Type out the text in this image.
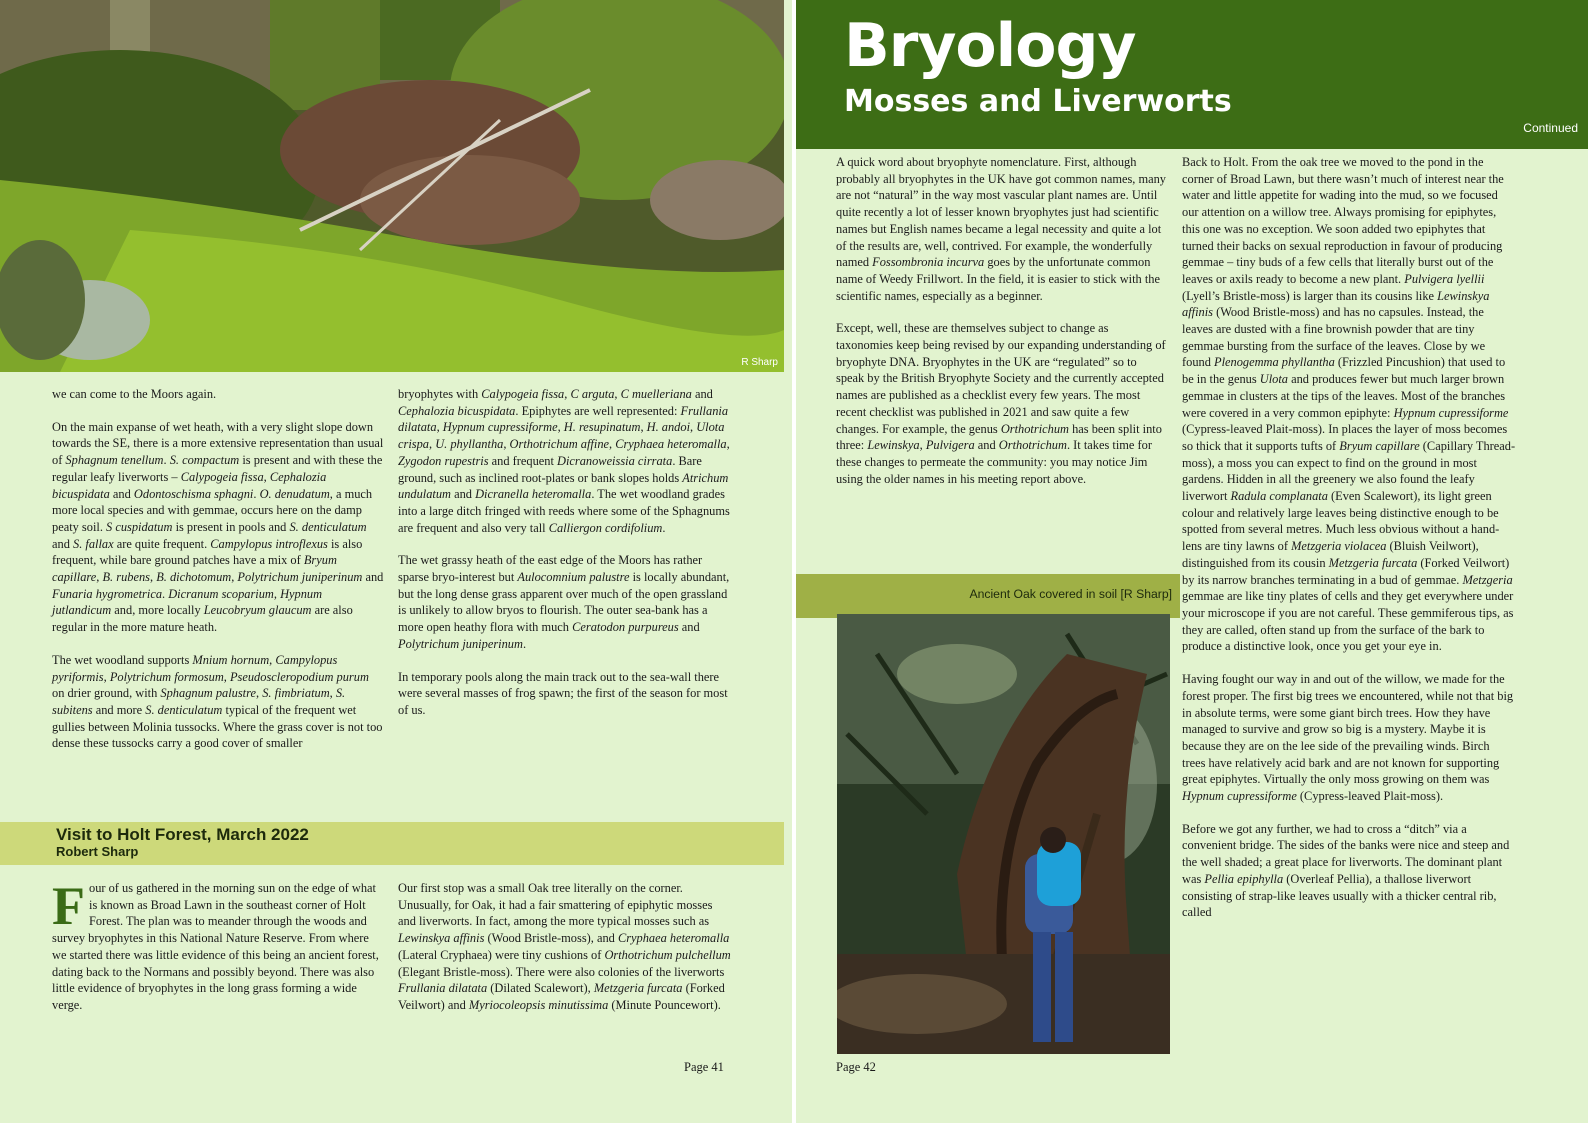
R Sharp

we can come to the Moors again.

On the main expanse of wet heath, with a very slight slope down towards the SE, there is a more extensive representation than usual of Sphagnum tenellum. S. compactum is present and with these the regular leafy liverworts – Calypogeia fissa, Cephalozia bicuspidata and Odontoschisma sphagni. O. denudatum, a much more local species and with gemmae, occurs here on the damp peaty soil. S cuspidatum is present in pools and S. denticulatum and S. fallax are quite frequent. Campylopus introflexus is also frequent, while bare ground patches have a mix of Bryum capillare, B. rubens, B. dichotomum, Polytrichum juniperinum and Funaria hygrometrica. Dicranum scoparium, Hypnum jutlandicum and, more locally Leucobryum glaucum are also regular in the more mature heath.

The wet woodland supports Mnium hornum, Campylopus pyriformis, Polytrichum formosum, Pseudoscleropodium purum on drier ground, with Sphagnum palustre, S. fimbriatum, S. subitens and more S. denticulatum typical of the frequent wet gullies between Molinia tussocks. Where the grass cover is not too dense these tussocks carry a good cover of smaller

bryophytes with Calypogeia fissa, C arguta, C muelleriana and Cephalozia bicuspidata. Epiphytes are well represented: Frullania dilatata, Hypnum cupressiforme, H. resupinatum, H. andoi, Ulota crispa, U. phyllantha, Orthotrichum affine, Cryphaea heteromalla, Zygodon rupestris and frequent Dicranoweissia cirrata. Bare ground, such as inclined root-plates or bank slopes holds Atrichum undulatum and Dicranella heteromalla. The wet woodland grades into a large ditch fringed with reeds where some of the Sphagnums are frequent and also very tall Calliergon cordifolium.

The wet grassy heath of the east edge of the Moors has rather sparse bryo-interest but Aulocomnium palustre is locally abundant, but the long dense grass apparent over much of the open grassland is unlikely to allow bryos to flourish. The outer sea-bank has a more open heathy flora with much Ceratodon purpureus and Polytrichum juniperinum.

In temporary pools along the main track out to the sea-wall there were several masses of frog spawn; the first of the season for most of us.

Visit to Holt Forest, March 2022
Robert Sharp
F our of us gathered in the morning sun on the edge of what is known as Broad Lawn in the southeast corner of Holt Forest. The plan was to meander through the woods and survey bryophytes in this National Nature Reserve. From where we started there was little evidence of this being an ancient forest, dating back to the Normans and possibly beyond. There was also little evidence of bryophytes in the long grass forming a wide verge.

Our first stop was a small Oak tree literally on the corner. Unusually, for Oak, it had a fair smattering of epiphytic mosses and liverworts. In fact, among the more typical mosses such as Lewinskya affinis (Wood Bristle-moss), and Cryphaea heteromalla (Lateral Cryphaea) were tiny cushions of Orthotrichum pulchellum (Elegant Bristle-moss). There were also colonies of the liverworts Frullania dilatata (Dilated Scalewort), Metzgeria furcata (Forked Veilwort) and Myriocoleopsis minutissima (Minute Pouncewort).

Page 41
Bryology
Mosses and Liverworts
Continued

A quick word about bryophyte nomenclature. First, although probably all bryophytes in the UK have got common names, many are not “natural” in the way most vascular plant names are. Until quite recently a lot of lesser known bryophytes just had scientific names but English names became a legal necessity and quite a lot of the results are, well, contrived. For example, the wonderfully named Fossombronia incurva goes by the unfortunate common name of Weedy Frillwort. In the field, it is easier to stick with the scientific names, especially as a beginner.

Except, well, these are themselves subject to change as taxonomies keep being revised by our expanding understanding of bryophyte DNA. Bryophytes in the UK are “regulated” so to speak by the British Bryophyte Society and the currently accepted names are published as a checklist every few years. The most recent checklist was published in 2021 and saw quite a few changes. For example, the genus Orthotrichum has been split into three: Lewinskya, Pulvigera and Orthotrichum. It takes time for these changes to permeate the community: you may notice Jim using the older names in his meeting report above.

Ancient Oak covered in soil [R Sharp]

Back to Holt. From the oak tree we moved to the pond in the corner of Broad Lawn, but there wasn’t much of interest near the water and little appetite for wading into the mud, so we focused our attention on a willow tree. Always promising for epiphytes, this one was no exception. We soon added two epiphytes that turned their backs on sexual reproduction in favour of producing gemmae – tiny buds of a few cells that literally burst out of the leaves or axils ready to become a new plant. Pulvigera lyellii (Lyell’s Bristle-moss) is larger than its cousins like Lewinskya affinis (Wood Bristle-moss) and has no capsules. Instead, the leaves are dusted with a fine brownish powder that are tiny gemmae bursting from the surface of the leaves. Close by we found Plenogemma phyllantha (Frizzled Pincushion) that used to be in the genus Ulota and produces fewer but much larger brown gemmae in clusters at the tips of the leaves. Most of the branches were covered in a very common epiphyte: Hypnum cupressiforme (Cypress-leaved Plait-moss). In places the layer of moss becomes so thick that it supports tufts of Bryum capillare (Capillary Thread-moss), a moss you can expect to find on the ground in most gardens. Hidden in all the greenery we also found the leafy liverwort Radula complanata (Even Scalewort), its light green colour and relatively large leaves being distinctive enough to be spotted from several metres. Much less obvious without a hand-lens are tiny lawns of Metzgeria violacea (Bluish Veilwort), distinguished from its cousin Metzgeria furcata (Forked Veilwort) by its narrow branches terminating in a bud of gemmae. Metzgeria gemmae are like tiny plates of cells and they get everywhere under your microscope if you are not careful. These gemmiferous tips, as they are called, often stand up from the surface of the bark to produce a distinctive look, once you get your eye in.

Having fought our way in and out of the willow, we made for the forest proper. The first big trees we encountered, while not that big in absolute terms, were some giant birch trees. How they have managed to survive and grow so big is a mystery. Maybe it is because they are on the lee side of the prevailing winds. Birch trees have relatively acid bark and are not known for supporting great epiphytes. Virtually the only moss growing on them was Hypnum cupressiforme (Cypress-leaved Plait-moss).

Before we got any further, we had to cross a “ditch” via a convenient bridge. The sides of the banks were nice and steep and the well shaded; a great place for liverworts. The dominant plant was Pellia epiphylla (Overleaf Pellia), a thallose liverwort consisting of strap-like leaves usually with a thicker central rib, called

Page 42
